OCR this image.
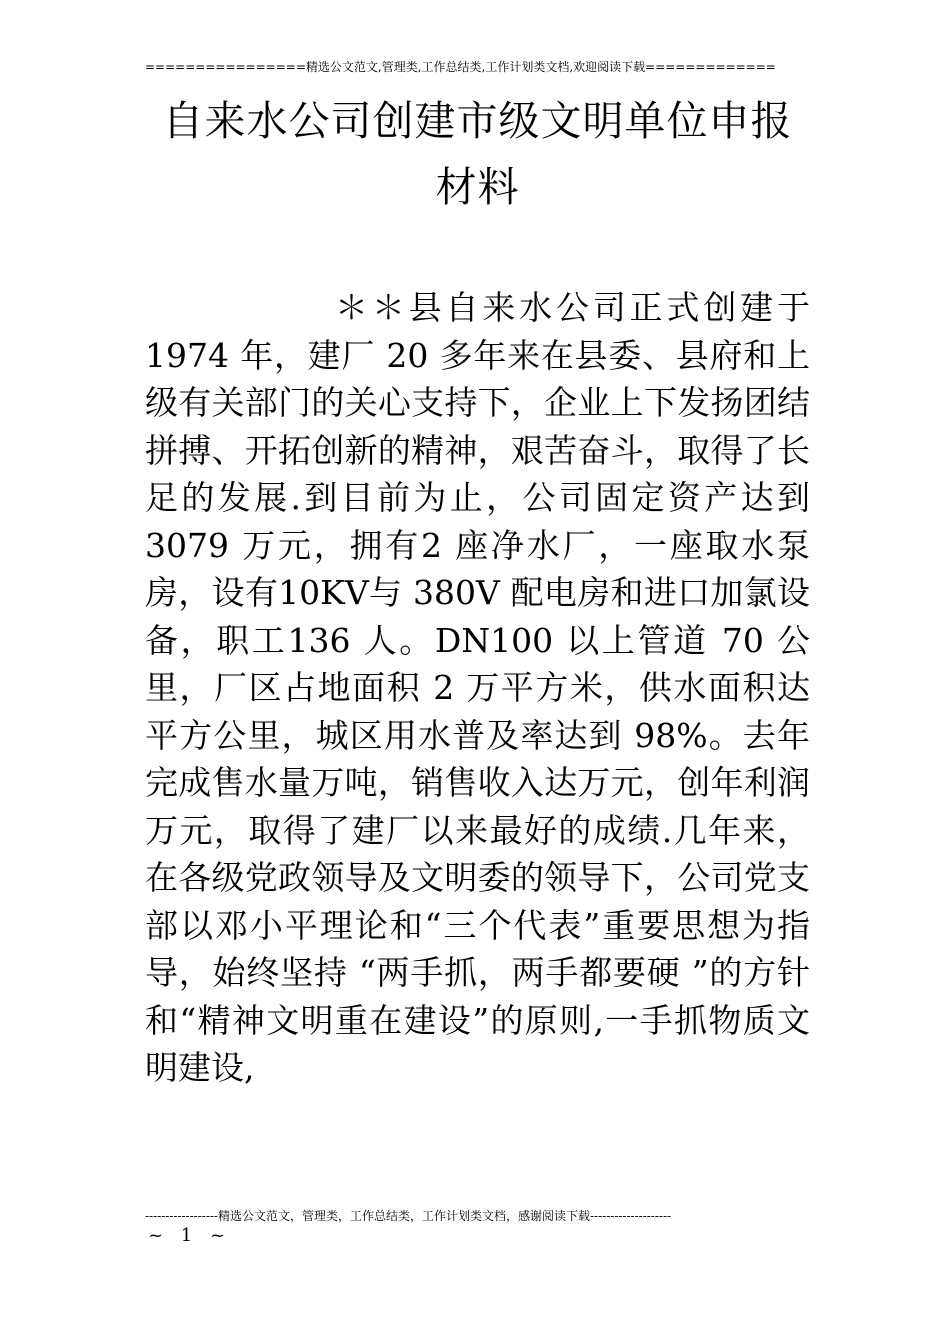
================精选公文范文,管理类,工作总结类,工作计划类文档,欢迎阅读下载=============
自来水公司创建市级文明单位申报
材料
＊＊县自来水公司正式创建于 1974 年，建厂 20 多年来在县委、县府和上级有关部门的关心支持下，企业上下发扬团结拼搏、开拓创新的精神，艰苦奋斗，取得了长足的发展.到目前为止，公司固定资产达到3079 万元，拥有2 座净水厂，一座取水泵房，设有10KV与 380V 配电房和进口加氯设备，职工136 人。DN100 以上管道 70 公里，厂区占地面积 2 万平方米，供水面积达平方公里，城区用水普及率达到 98%。去年完成售水量万吨，销售收入达万元，创年利润万元，取得了建厂以来最好的成绩.几年来，在各级党政领导及文明委的领导下，公司党支部以邓小平理论和“三个代表”重要思想为指导，始终坚持 “两手抓，两手都要硬 ”的方针和“精神文明重在建设”的原则,一手抓物质文明建设,
------------------精选公文范文，管理类，工作总结类，工作计划类文档，感谢阅读下载--------------------
~ 1 ~
